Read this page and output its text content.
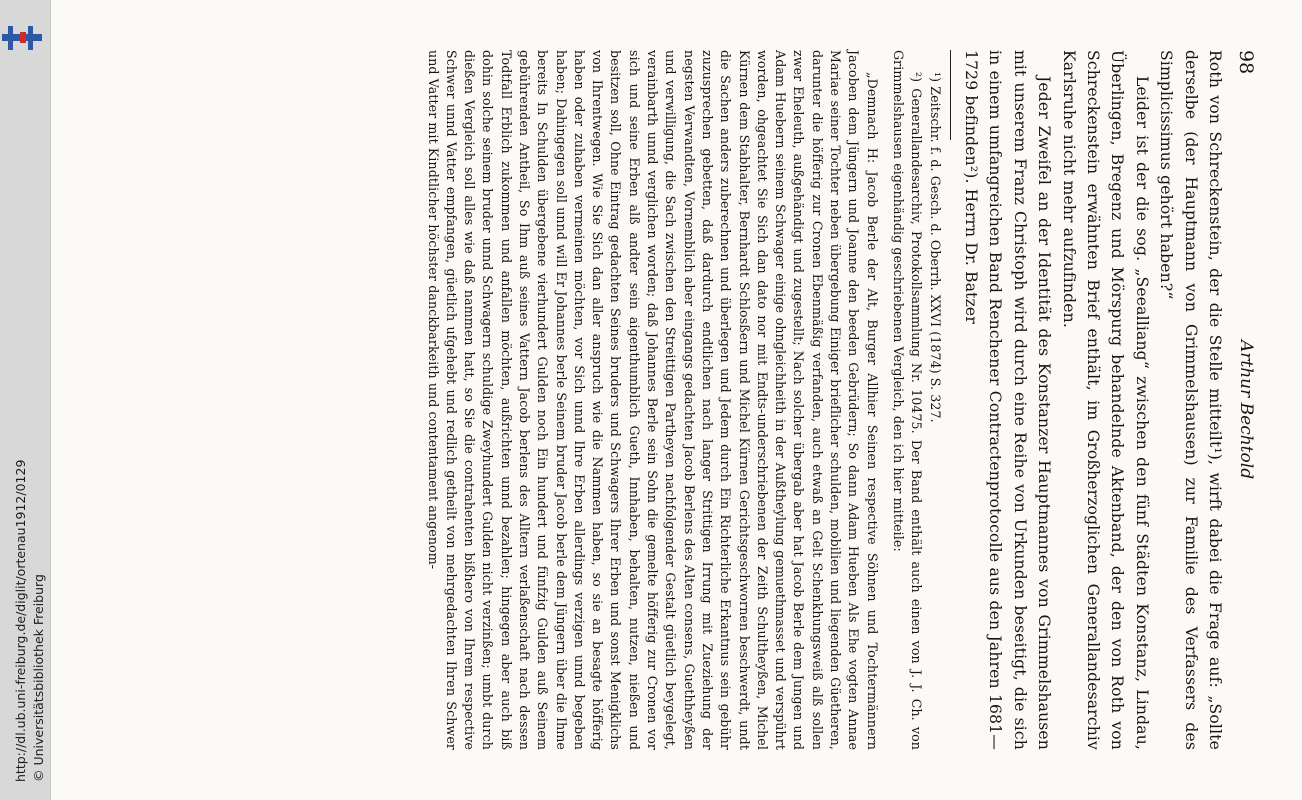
http://dl.ub.uni-freiburg.de/diglit/ortenau1912/0129 © Universitätsbibliothek Freiburg
98
Arthur Bechtold

Roth von Schreckenstein, der die Stelle mitteilt¹), wirft dabei die Frage auf: „Sollte derselbe (der Hauptmann von Grimmelshausen) zur Familie des Verfassers des Simplicissimus gehört haben?“

Leider ist der die sog. „Seealliang“ zwischen den fünf Städten Konstanz, Lindau, Überlingen, Bregenz und Mörspurg behandelnde Aktenband, der den von Roth von Schreckenstein erwähnten Brief enthält, im Großherzoglichen Generallandesarchiv Karlsruhe nicht mehr aufzufinden.

Jeder Zweifel an der Identität des Konstanzer Hauptmannes von Grimmelshausen mit unserem Franz Christoph wird durch eine Reihe von Urkunden beseitigt, die sich in einem umfangreichen Band Renchener Contractenprotocolle aus den Jahren 1681—1729 befinden²). Herrn Dr. Batzer

¹) Zeitschr. f. d. Gesch. d. Oberrh. XXVI (1874) S. 327.

²) Generallandesarchiv, Protokollsammlung Nr. 10475. Der Band enthält auch einen von J. J. Ch. von Grimmelshausen eigenhändig geschriebenen Vergleich, den ich hier mitteile:

„Demnach H: Jacob Berle der Alt, Burger Allhier Seinen respective Söhnen und Tochtermännern Jacoben dem Jüngern und Joanne den beeden Gebrüdern; So dann Adam Hueben Als Ehe vogten Annae Mariae seiner Tochter neben übergebung Einiger brieflicher schulden, mobilien und liegenden Güetheren, darunter die höfferig zur Cronen Ebenmäßig verfanden, auch etwaß an Gelt Schenkhungsweiß alß sollen zwer Eheleuth, außgehändigt und zugestellt; Nach solcher übergab aber hat Jacob Berle dem Jungen und Adam Huebern seinem Schwager einige ohngleichheith in der Außtheylung gemuethmasset und verspührt worden, ohgeachtet Sie Sich dan dato nor mit Endts-underschriebenen der Zeith Schultheyßen, Michel Kürnen dem Stabhalter, Bernhardt Schlosßern und Michel Kürnen Gerichtsgeschwornen beschwerdt, undt die Sachen anders zuberechnen und überlegen und Jedem durch Ein Richterliche Erkantnus sein gebühr zuzusprechen gebetten, daß dardurch endtlichen nach langer Strittigen Irrung mit Zueziehung der negsten Verwandten, Vornemblich aber eingangs gedachten Jacob Berlens des Alten consens, Guethheyßen und verwilligung, die Sach zwischen den Streittigen Partheyen nachfolgender Gestalt güetlich beygelegt, verainbarth unnd verglichen worden; daß Johannes Berle sein Sohn die gemelte höfferig zur Cronen vor sich und seine Erben alß andter sein aigenthumblich Gueth, Innhaben, behalten, nutzen, nießen und besitzen soll, Ohne Eintrag gedachten Seines bruders und Schwagers Ihrer Erben und sonst Menigklichs von Ihrentwegen. Wie Sie Sich dan aller anspruch wie die Nammen haben, so sie an besagte höfferig haben oder zuhaben vermeinen möchten, vor Sich unnd Ihre Erben allerdings verzigen unnd begeben haben; Dahingegen soll unnd will Er Johannes berle Seinem bruder Jacob berle dem Jüngern über die Ihme bereits In Schulden übergebene vierhundert Gulden noch Ein hundert und fünfzig Gulden auß Seinem gebührenden Antheil, So Ihm auß seines Vattern Jacob berlens des Alltern verlaßenschaft nach dessen Todtfall Erblich zukommen und anfallen möchten, außrichten unnd bezahlen; hingegen aber auch biß dohin solche seinem bruder unnd Schwagern schuldige Zweyhundert Gulden nicht verzinßen; umbt durch dießen Vergleich soll alles wie daß nammen hatt, so Sie die contrahenten bißhero von Ihrem respective Schwer unnd Vatter empfangen, güetlich ufgehebt und redlich getheilt von mehrgedachten Ihren Schwer und Vatter mit Kindtlicher höchster danckbarkeith und contentament angenom-
